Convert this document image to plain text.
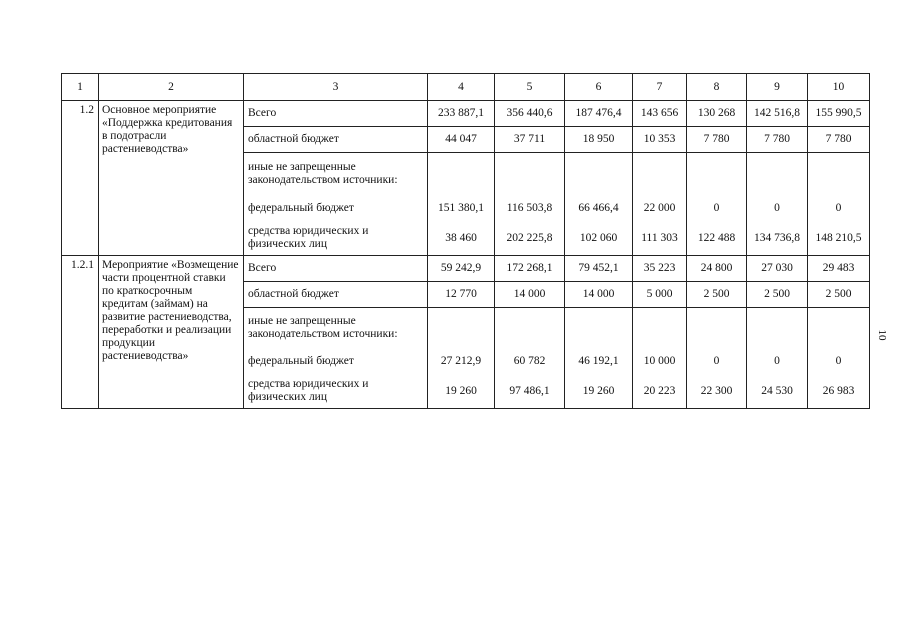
1	2	3	4	5	6	7	8	9	10
1.2	Основное мероприятие «Поддержка кредитования в подотрасли растениеводства»	Всего	233 887,1	356 440,6	187 476,4	143 656	130 268	142 516,8	155 990,5
		областной бюджет	44 047	37 711	18 950	10 353	7 780	7 780	7 780
		иные не запрещенные законодательством источники:							
		федеральный бюджет	151 380,1	116 503,8	66 466,4	22 000	0	0	0
		средства юридических и физических лиц	38 460	202 225,8	102 060	111 303	122 488	134 736,8	148 210,5
1.2.1	Мероприятие «Возмещение части процентной ставки по краткосрочным кредитам (займам) на развитие растениеводства, переработки и реализации продукции растениеводства»	Всего	59 242,9	172 268,1	79 452,1	35 223	24 800	27 030	29 483
		областной бюджет	12 770	14 000	14 000	5 000	2 500	2 500	2 500
		иные не запрещенные законодательством источники:							
		федеральный бюджет	27 212,9	60 782	46 192,1	10 000	0	0	0
		средства юридических и физических лиц	19 260	97 486,1	19 260	20 223	22 300	24 530	26 983
10
